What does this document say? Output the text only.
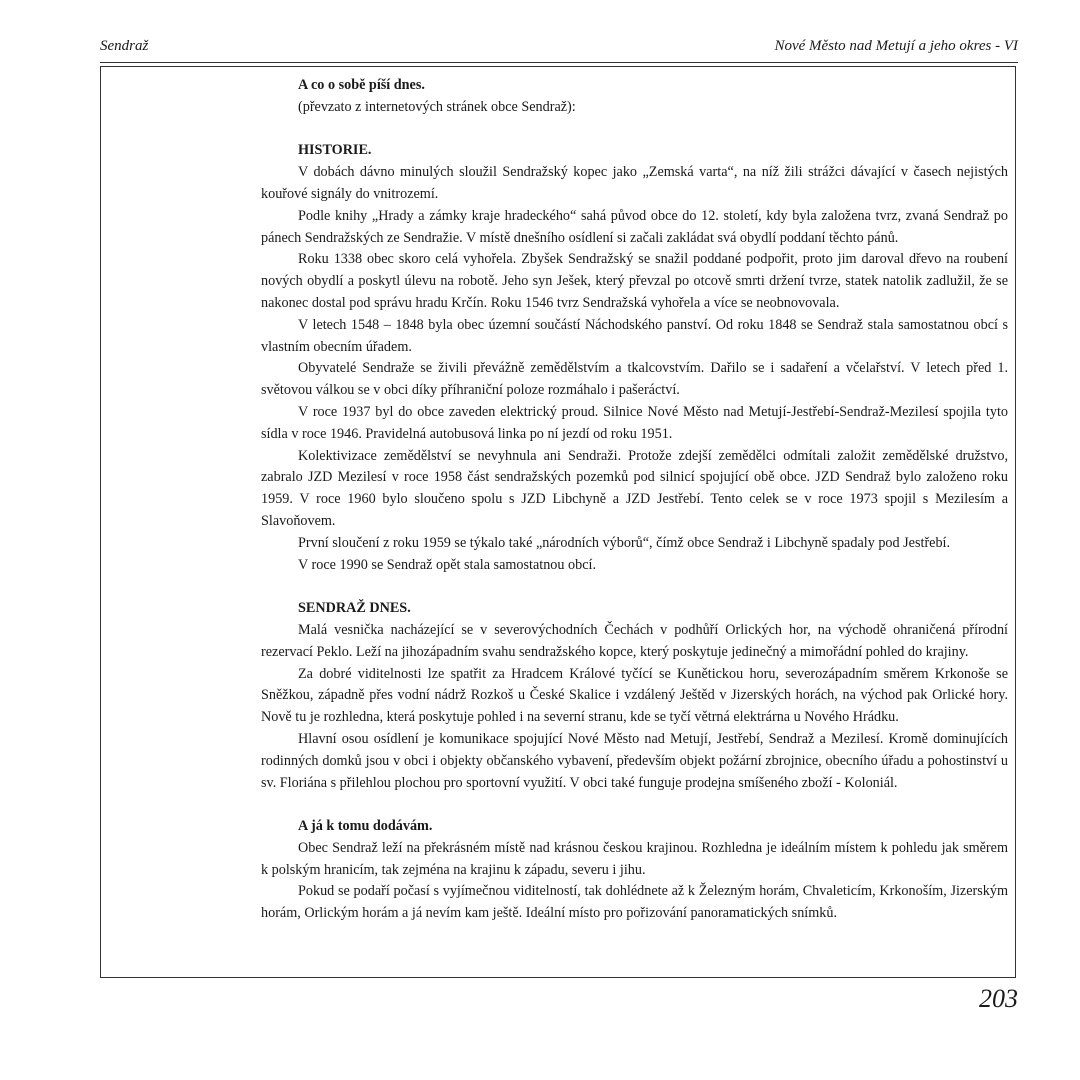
Sendraž	Nové Město nad Metují a jeho okres - VI

A co o sobě píší dnes.

(převzato z internetových stránek obce Sendraž):

HISTORIE.

V dobách dávno minulých sloužil Sendražský kopec jako „Zemská varta“, na níž žili strážci dávající v časech nejistých kouřové signály do vnitrozemí.

Podle knihy „Hrady a zámky kraje hradeckého“ sahá původ obce do 12. století, kdy byla založena tvrz, zvaná Sendraž po pánech Sendražských ze Sendražie. V místě dnešního osídlení si začali zakládat svá obydlí poddaní těchto pánů.

Roku 1338 obec skoro celá vyhořela. Zbyšek Sendražský se snažil poddané podpořit, proto jim daroval dřevo na roubení nových obydlí a poskytl úlevu na robotě. Jeho syn Ješek, který převzal po otcově smrti držení tvrze, statek natolik zadlužil, že se nakonec dostal pod správu hradu Krčín. Roku 1546 tvrz Sendražská vyhořela a více se neobnovovala.

V letech 1548 – 1848 byla obec územní součástí Náchodského panství. Od roku 1848 se Sendraž stala samostatnou obcí s vlastním obecním úřadem.

Obyvatelé Sendraže se živili převážně zemědělstvím a tkalcovstvím. Dařilo se i sadaření a včelařství. V letech před 1. světovou válkou se v obci díky příhraniční poloze rozmáhalo i pašeráctví.

V roce 1937 byl do obce zaveden elektrický proud. Silnice Nové Město nad Metují-Jestřebí-Sendraž-Mezilesí spojila tyto sídla v roce 1946. Pravidelná autobusová linka po ní jezdí od roku 1951.

Kolektivizace zemědělství se nevyhnula ani Sendraži. Protože zdejší zemědělci odmítali založit zemědělské družstvo, zabralo JZD Mezilesí v roce 1958 část sendražských pozemků pod silnicí spojující obě obce. JZD Sendraž bylo založeno roku 1959. V roce 1960 bylo sloučeno spolu s JZD Libchyně a JZD Jestřebí. Tento celek se v roce 1973 spojil s Mezilesím a Slavoňovem.

První sloučení z roku 1959 se týkalo také „národních výborů“, čímž obce Sendraž i Libchyně spadaly pod Jestřebí.

V roce 1990 se Sendraž opět stala samostatnou obcí.

SENDRAŽ DNES.

Malá vesnička nacházející se v severovýchodních Čechách v podhůří Orlických hor, na východě ohraničená přírodní rezervací Peklo. Leží na jihozápadním svahu sendražského kopce, který poskytuje jedinečný a mimořádní pohled do krajiny.

Za dobré viditelnosti lze spatřit za Hradcem Králové tyčící se Kunětickou horu, severozápadním směrem Krkonoše se Sněžkou, západně přes vodní nádrž Rozkoš u České Skalice i vzdálený Ještěd v Jizerských horách, na východ pak Orlické hory. Nově tu je rozhledna, která poskytuje pohled i na severní stranu, kde se tyčí větrná elektrárna u Nového Hrádku.

Hlavní osou osídlení je komunikace spojující Nové Město nad Metují, Jestřebí, Sendraž a Mezilesí. Kromě dominujících rodinných domků jsou v obci i objekty občanského vybavení, především objekt požární zbrojnice, obecního úřadu a pohostinství u sv. Floriána s přilehlou plochou pro sportovní využití. V obci také funguje prodejna smíšeného zboží - Koloniál.

A já k tomu dodávám.

Obec Sendraž leží na překrásném místě nad krásnou českou krajinou. Rozhledna je ideálním místem k pohledu jak směrem k polským hranicím, tak zejména na krajinu k západu, severu i jihu.

Pokud se podaří počasí s vyjímečnou viditelností, tak dohlédnete až k Železným horám, Chvaleticím, Krkonoším, Jizerským horám, Orlickým horám a já nevím kam ještě. Ideální místo pro pořizování panoramatických snímků.

203
